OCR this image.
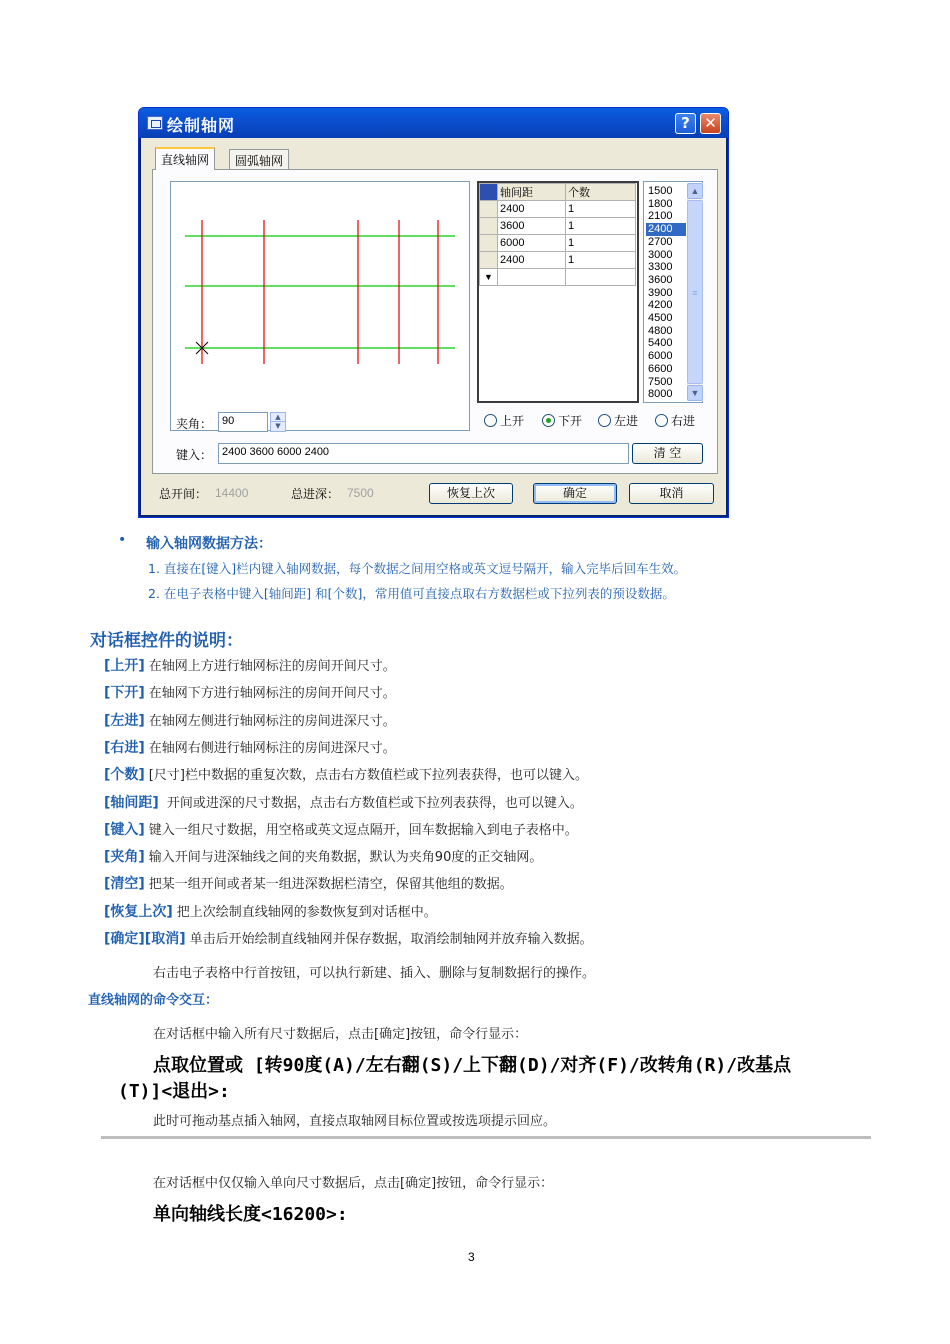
绘制轴网	? ✕
直线轴网	圆弧轴网
	轴间距	个数
	2400	1
	3600	1
	6000	1
	2400	1
▼		
1500
1800
2100
2400
2700
3000
3300
3600
3900
4200
4500
4800
5400
6000
6600
7500
8000
▲
≡
▼
夹角： 90	▲
▼	上开	下开	左进	右进
键入： 2400 3600 6000 2400	清 空
总开间： 14400	总进深： 7500	恢复上次	确定	取消
• 输入轴网数据方法：
1. 直接在[键入]栏内键入轴网数据，每个数据之间用空格或英文逗号隔开，输入完毕后回车生效。
2. 在电子表格中键入[轴间距] 和[个数]，常用值可直接点取右方数据栏或下拉列表的预设数据。
对话框控件的说明：
[上开] 在轴网上方进行轴网标注的房间开间尺寸。
[下开] 在轴网下方进行轴网标注的房间开间尺寸。
[左进] 在轴网左侧进行轴网标注的房间进深尺寸。
[右进] 在轴网右侧进行轴网标注的房间进深尺寸。
[个数] [尺寸]栏中数据的重复次数，点击右方数值栏或下拉列表获得，也可以键入。
[轴间距] 开间或进深的尺寸数据，点击右方数值栏或下拉列表获得，也可以键入。
[键入] 键入一组尺寸数据，用空格或英文逗点隔开，回车数据输入到电子表格中。
[夹角] 输入开间与进深轴线之间的夹角数据，默认为夹角90度的正交轴网。
[清空] 把某一组开间或者某一组进深数据栏清空，保留其他组的数据。
[恢复上次] 把上次绘制直线轴网的参数恢复到对话框中。
[确定][取消] 单击后开始绘制直线轴网并保存数据，取消绘制轴网并放弃输入数据。
右击电子表格中行首按钮，可以执行新建、插入、删除与复制数据行的操作。
直线轴网的命令交互：
在对话框中输入所有尺寸数据后，点击[确定]按钮，命令行显示：
点取位置或 [转90度(A)/左右翻(S)/上下翻(D)/对齐(F)/改转角(R)/改基点
(T)]<退出>:
此时可拖动基点插入轴网，直接点取轴网目标位置或按选项提示回应。
在对话框中仅仅输入单向尺寸数据后，点击[确定]按钮，命令行显示：
单向轴线长度<16200>:
3
